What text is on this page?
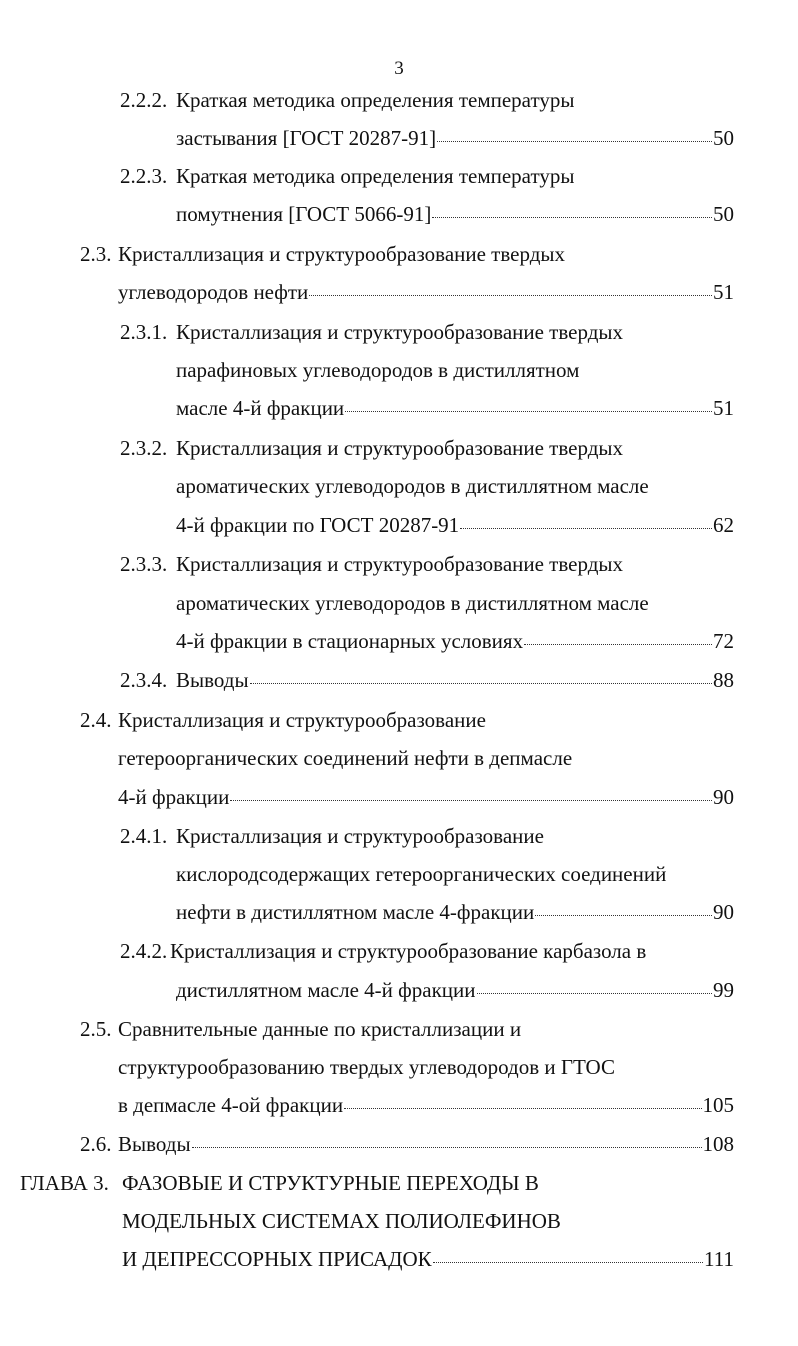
3
2.2.2. Краткая методика определения температуры
застывания [ГОСТ 20287-91]	50
2.2.3. Краткая методика определения температуры
помутнения [ГОСТ 5066-91]	50
2.3. Кристаллизация и структурообразование твердых
углеводородов нефти	51
2.3.1. Кристаллизация и структурообразование твердых
парафиновых углеводородов в дистиллятном
масле 4-й фракции	51
2.3.2. Кристаллизация и структурообразование твердых
ароматических углеводородов в дистиллятном масле
4-й фракции по ГОСТ 20287-91	62
2.3.3. Кристаллизация и структурообразование твердых
ароматических углеводородов в дистиллятном масле
4-й фракции в стационарных условиях	72
2.3.4. Выводы	88
2.4. Кристаллизация и структурообразование
гетероорганических соединений нефти в депмасле
4-й фракции	90
2.4.1. Кристаллизация и структурообразование
кислородсодержащих гетероорганических соединений
нефти в дистиллятном масле 4-фракции	90
2.4.2. Кристаллизация и структурообразование карбазола в
дистиллятном масле 4-й фракции	99
2.5. Сравнительные данные по кристаллизации и
структурообразованию твердых углеводородов и ГТОС
в депмасле 4-ой фракции	105
2.6. Выводы	108
ГЛАВА 3. ФАЗОВЫЕ И СТРУКТУРНЫЕ ПЕРЕХОДЫ В
МОДЕЛЬНЫХ СИСТЕМАХ ПОЛИОЛЕФИНОВ
И ДЕПРЕССОРНЫХ ПРИСАДОК	111
